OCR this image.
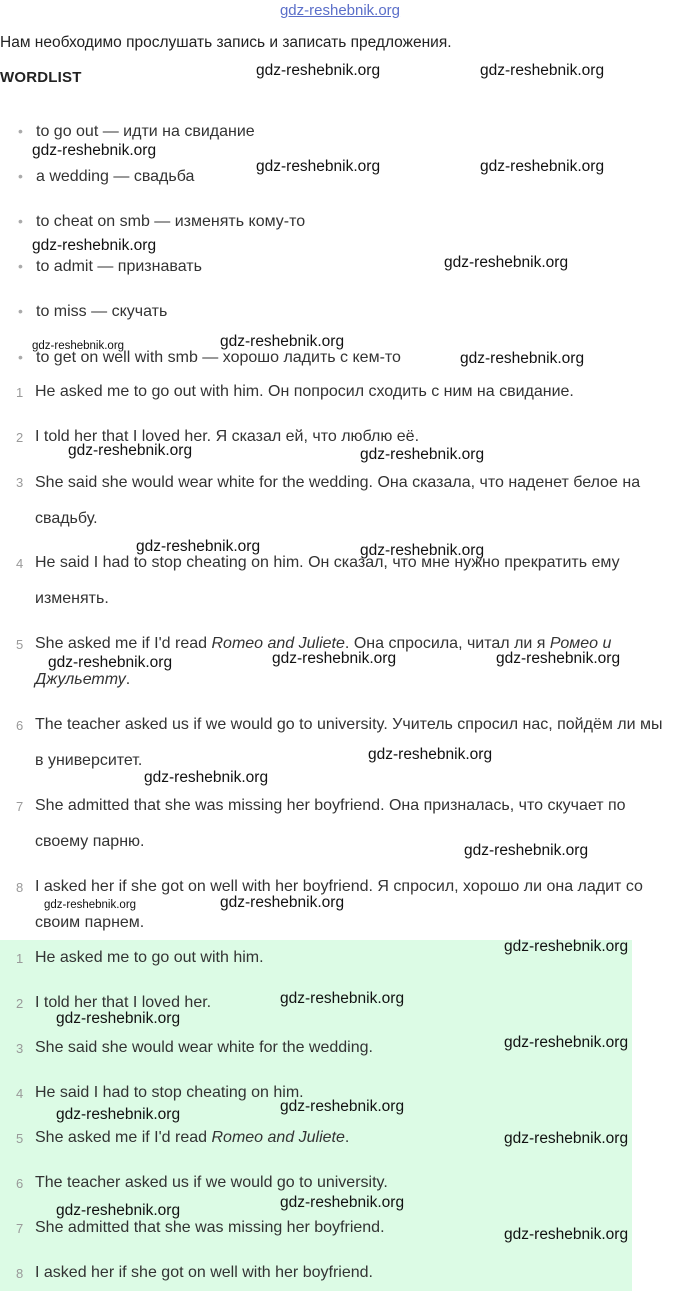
gdz-reshebnik.org
Нам необходимо прослушать запись и записать предложения.
WORDLIST
• to go out — идти на свидание
• a wedding — свадьба
• to cheat on smb — изменять кому-то
• to admit — признавать
• to miss — скучать
• to get on well with smb — хорошо ладить с кем-то
1 He asked me to go out with him. Он попросил сходить с ним на свидание.
2 I told her that I loved her. Я сказал ей, что люблю её.
3 She said she would wear white for the wedding. Она сказала, что наденет белое на свадьбу.
4 He said I had to stop cheating on him. Он сказал, что мне нужно прекратить ему изменять.
5 She asked me if I'd read Romeo and Juliete. Она спросила, читал ли я Ромео и Джульетту.
6 The teacher asked us if we would go to university. Учитель спросил нас, пойдём ли мы в университет.
7 She admitted that she was missing her boyfriend. Она призналась, что скучает по своему парню.
8 I asked her if she got on well with her boyfriend. Я спросил, хорошо ли она ладит со своим парнем.
1 He asked me to go out with him.
2 I told her that I loved her.
3 She said she would wear white for the wedding.
4 He said I had to stop cheating on him.
5 She asked me if I'd read Romeo and Juliete.
6 The teacher asked us if we would go to university.
7 She admitted that she was missing her boyfriend.
8 I asked her if she got on well with her boyfriend.
gdz-reshebnik.org	gdz-reshebnik.org
gdz-reshebnik.org
gdz-reshebnik.org	gdz-reshebnik.org
gdz-reshebnik.org
gdz-reshebnik.org
gdz-reshebnik.org
gdz-reshebnik.org
gdz-reshebnik.org
gdz-reshebnik.org	gdz-reshebnik.org
gdz-reshebnik.org	gdz-reshebnik.org
gdz-reshebnik.org	gdz-reshebnik.org	gdz-reshebnik.org
gdz-reshebnik.org
gdz-reshebnik.org
gdz-reshebnik.org
gdz-reshebnik.org	gdz-reshebnik.org
gdz-reshebnik.org
gdz-reshebnik.org
gdz-reshebnik.org
gdz-reshebnik.org
gdz-reshebnik.org
gdz-reshebnik.org
gdz-reshebnik.org
gdz-reshebnik.org
gdz-reshebnik.org
gdz-reshebnik.org
